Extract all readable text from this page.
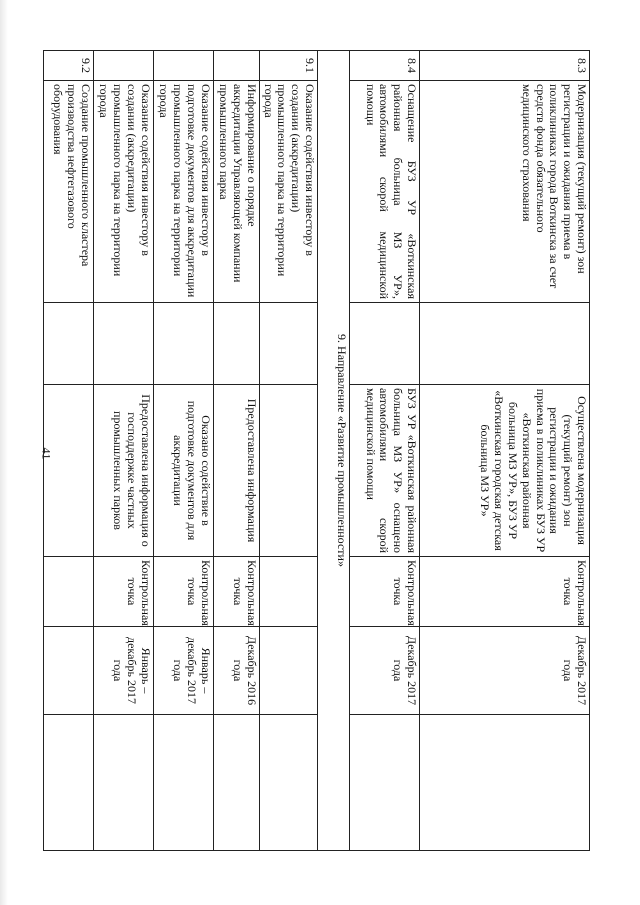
41
8.3	Модернизация (текущий ремонт) зон регистрации и ожидания приема в поликлиниках города Воткинска за счет средств фонда обязательного медицинского страхования		Осуществлена модернизация (текущий ремонт) зон регистрации и ожидания приема в поликлиниках БУЗ УР «Воткинская районная больница МЗ УР», БУЗ УР «Воткинская городская детская больница МЗ УР»	Контрольная точка	Декабрь 2017 года	
8.4	Оснащение БУЗ УР «Воткинская районная больница МЗ УР», автомобилями скорой медицинской помощи		БУЗ УР «Воткинская районная больница МЗ УР» оснащено автомобилями скорой медицинской помощи	Контрольная точка	Декабрь 2017 года	
9. Направление «Развитие промышленности»						
9.1	Оказание содействия инвестору в создании (аккредитации) промышленного парка на территории города					
	Информирование о порядке аккредитации Управляющей компании промышленного парка		Предоставлена информация	Контрольная точка	Декабрь 2016 года	
	Оказание содействия инвестору в подготовке документов для аккредитации промышленного парка на территории города		Оказано содействие в подготовке документов для аккредитации	Контрольная точка	Январь – декабрь 2017 года	
	Оказание содействия инвестору в создании (аккредитации) промышленного парка на территории города		Предоставлена информация о господдержке частных промышленных парков	Контрольная точка	Январь – декабрь 2017 года	
9.2	Создание промышленного кластера производства нефтегазового оборудования					
